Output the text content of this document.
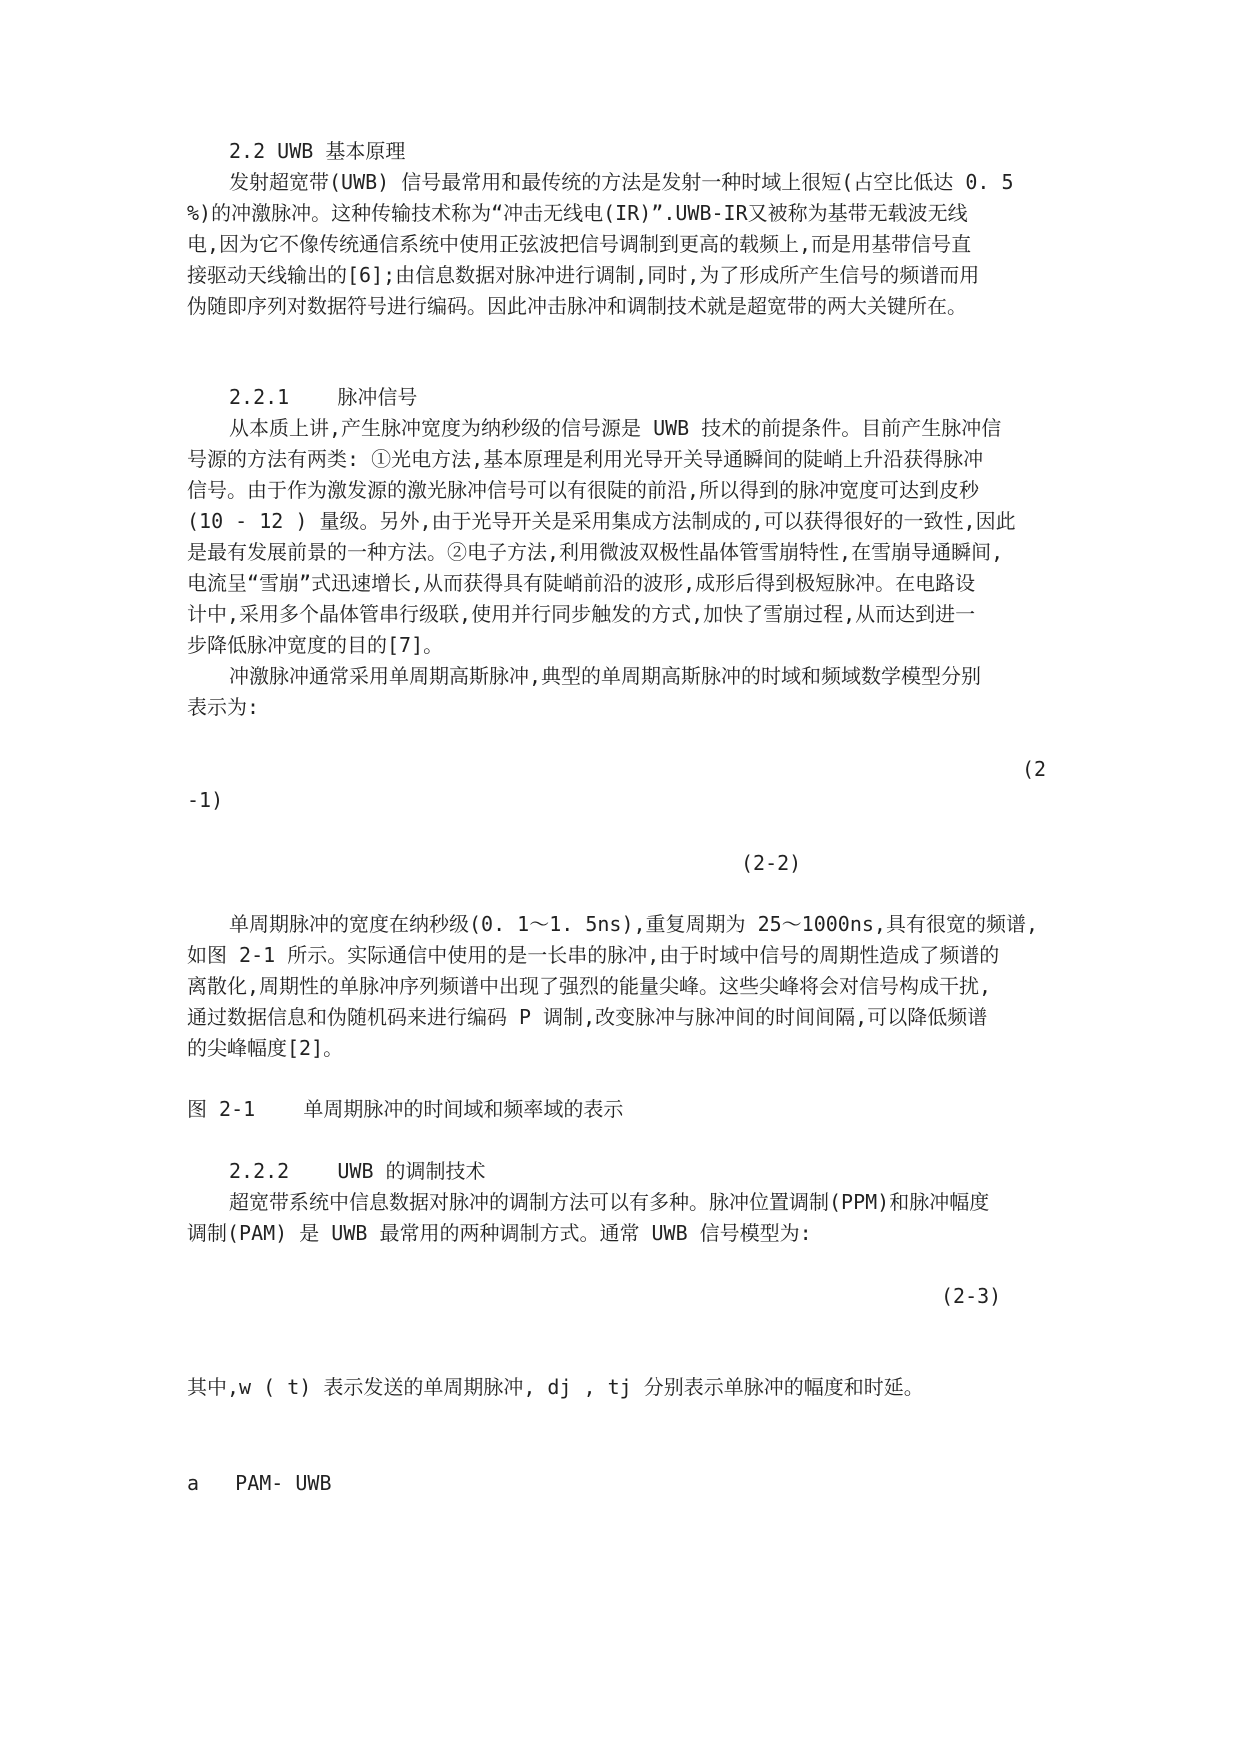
2.2 UWB 基本原理
发射超宽带(UWB) 信号最常用和最传统的方法是发射一种时域上很短(占空比低达 0. 5
%)的冲激脉冲。这种传输技术称为“冲击无线电(IR)”.UWB-IR又被称为基带无载波无线
电,因为它不像传统通信系统中使用正弦波把信号调制到更高的载频上,而是用基带信号直
接驱动天线输出的[6];由信息数据对脉冲进行调制,同时,为了形成所产生信号的频谱而用
伪随即序列对数据符号进行编码。因此冲击脉冲和调制技术就是超宽带的两大关键所在。
2.2.1    脉冲信号
从本质上讲,产生脉冲宽度为纳秒级的信号源是 UWB 技术的前提条件。目前产生脉冲信
号源的方法有两类: ①光电方法,基本原理是利用光导开关导通瞬间的陡峭上升沿获得脉冲
信号。由于作为激发源的激光脉冲信号可以有很陡的前沿,所以得到的脉冲宽度可达到皮秒
(10 - 12 ) 量级。另外,由于光导开关是采用集成方法制成的,可以获得很好的一致性,因此
是最有发展前景的一种方法。②电子方法,利用微波双极性晶体管雪崩特性,在雪崩导通瞬间,
电流呈“雪崩”式迅速增长,从而获得具有陡峭前沿的波形,成形后得到极短脉冲。在电路设
计中,采用多个晶体管串行级联,使用并行同步触发的方式,加快了雪崩过程,从而达到进一
步降低脉冲宽度的目的[7]。
冲激脉冲通常采用单周期高斯脉冲,典型的单周期高斯脉冲的时域和频域数学模型分别
表示为:
(2
-1)
(2-2)
单周期脉冲的宽度在纳秒级(0. 1～1. 5ns),重复周期为 25～1000ns,具有很宽的频谱,
如图 2-1 所示。实际通信中使用的是一长串的脉冲,由于时域中信号的周期性造成了频谱的
离散化,周期性的单脉冲序列频谱中出现了强烈的能量尖峰。这些尖峰将会对信号构成干扰,
通过数据信息和伪随机码来进行编码 P 调制,改变脉冲与脉冲间的时间间隔,可以降低频谱
的尖峰幅度[2]。
图 2-1    单周期脉冲的时间域和频率域的表示
2.2.2    UWB 的调制技术
超宽带系统中信息数据对脉冲的调制方法可以有多种。脉冲位置调制(PPM)和脉冲幅度
调制(PAM) 是 UWB 最常用的两种调制方式。通常 UWB 信号模型为:
(2-3)
其中,w ( t) 表示发送的单周期脉冲, dj , tj 分别表示单脉冲的幅度和时延。
a   PAM- UWB
